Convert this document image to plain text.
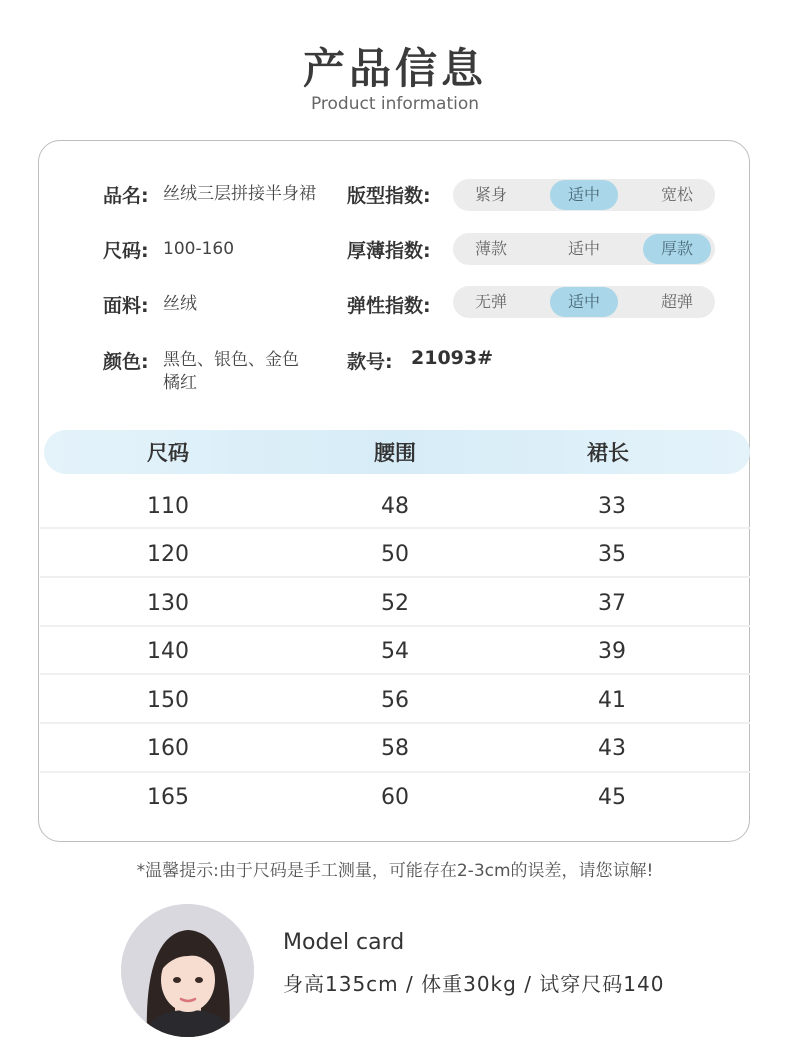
产品信息
Product information
品名: 丝绒三层拼接半身裙
尺码: 100-160
面料: 丝绒
颜色: 黑色、银色、金色
橘红
版型指数:	紧身	适中	宽松
厚薄指数:	薄款	适中	厚款
弹性指数:	无弹	适中	超弹
款号: 21093#
尺码	腰围	裙长
110	48	33
120	50	35
130	52	37
140	54	39
150	56	41
160	58	43
165	60	45
*温馨提示:由于尺码是手工测量，可能存在2-3cm的误差，请您谅解!
Model card
身高135cm / 体重30kg / 试穿尺码140
